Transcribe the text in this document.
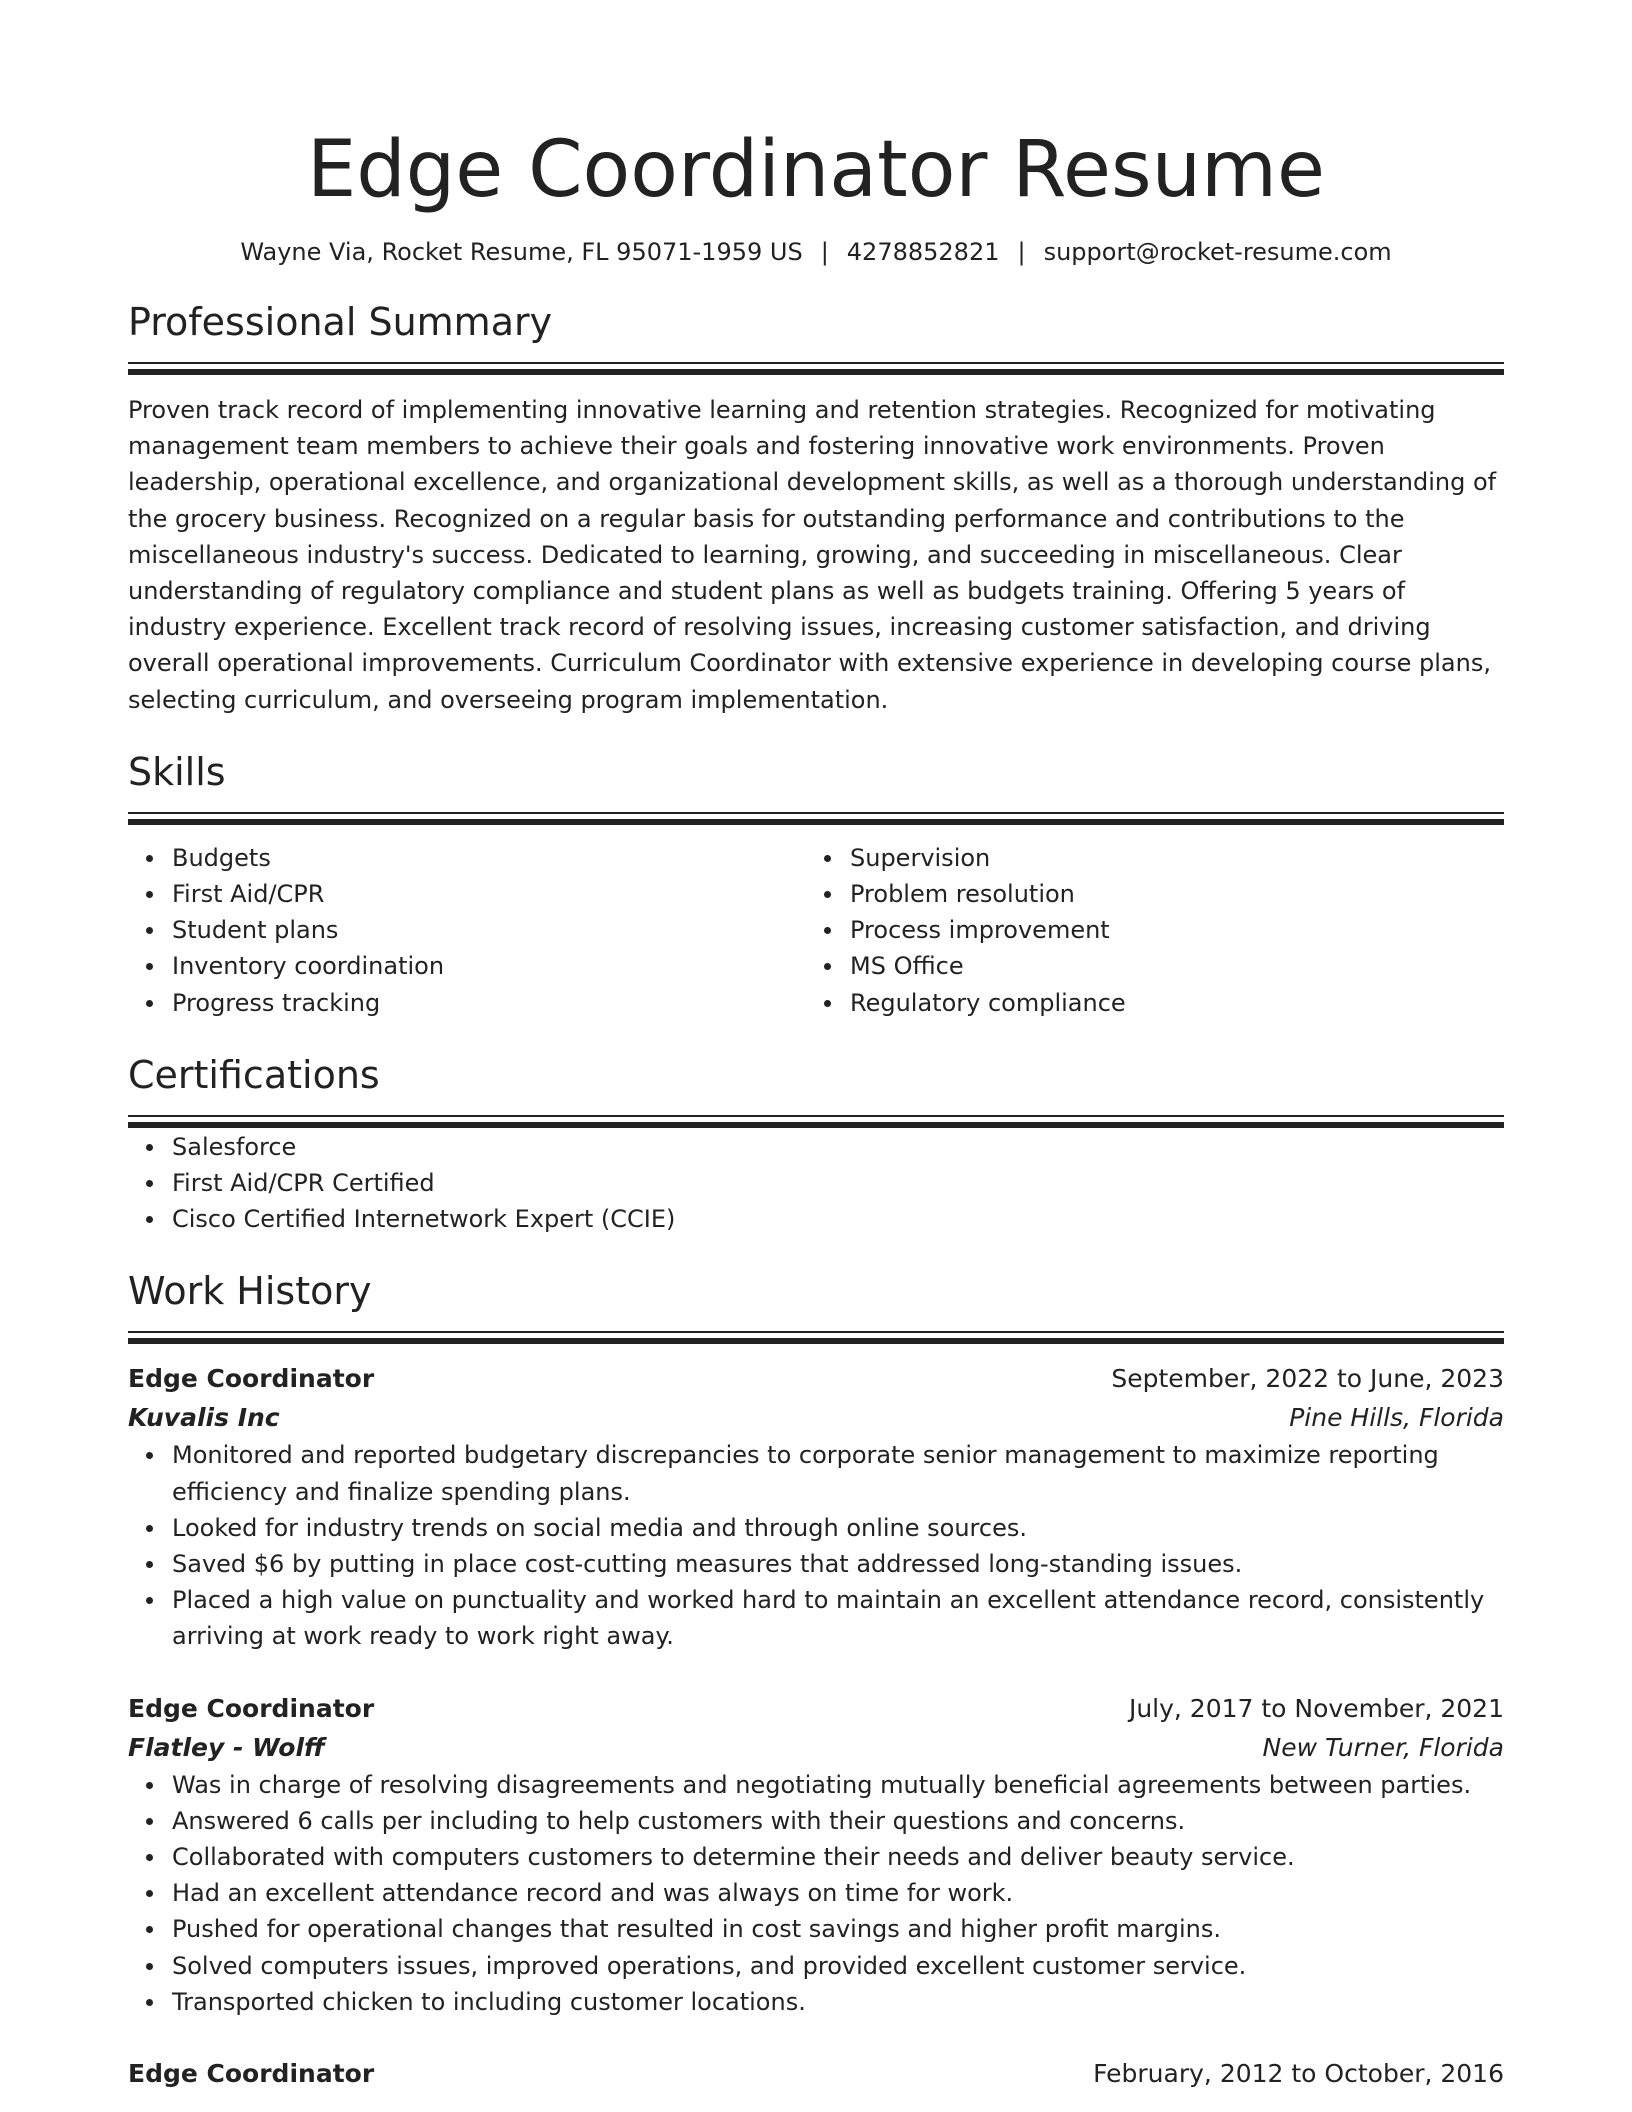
Edge Coordinator Resume
Wayne Via, Rocket Resume, FL 95071-1959 US | 4278852821 | support@rocket-resume.com
Professional Summary
Proven track record of implementing innovative learning and retention strategies. Recognized for motivating management team members to achieve their goals and fostering innovative work environments. Proven leadership, operational excellence, and organizational development skills, as well as a thorough understanding of the grocery business. Recognized on a regular basis for outstanding performance and contributions to the miscellaneous industry's success. Dedicated to learning, growing, and succeeding in miscellaneous. Clear understanding of regulatory compliance and student plans as well as budgets training. Offering 5 years of industry experience. Excellent track record of resolving issues, increasing customer satisfaction, and driving overall operational improvements. Curriculum Coordinator with extensive experience in developing course plans, selecting curriculum, and overseeing program implementation.
Skills
Budgets
First Aid/CPR
Student plans
Inventory coordination
Progress tracking
Supervision
Problem resolution
Process improvement
MS Office
Regulatory compliance
Certifications
Salesforce
First Aid/CPR Certified
Cisco Certified Internetwork Expert (CCIE)
Work History
Edge Coordinator	September, 2022 to June, 2023
Kuvalis Inc	Pine Hills, Florida
Monitored and reported budgetary discrepancies to corporate senior management to maximize reporting efficiency and finalize spending plans.
Looked for industry trends on social media and through online sources.
Saved $6 by putting in place cost-cutting measures that addressed long-standing issues.
Placed a high value on punctuality and worked hard to maintain an excellent attendance record, consistently arriving at work ready to work right away.
Edge Coordinator	July, 2017 to November, 2021
Flatley - Wolff	New Turner, Florida
Was in charge of resolving disagreements and negotiating mutually beneficial agreements between parties.
Answered 6 calls per including to help customers with their questions and concerns.
Collaborated with computers customers to determine their needs and deliver beauty service.
Had an excellent attendance record and was always on time for work.
Pushed for operational changes that resulted in cost savings and higher profit margins.
Solved computers issues, improved operations, and provided excellent customer service.
Transported chicken to including customer locations.
Edge Coordinator	February, 2012 to October, 2016
